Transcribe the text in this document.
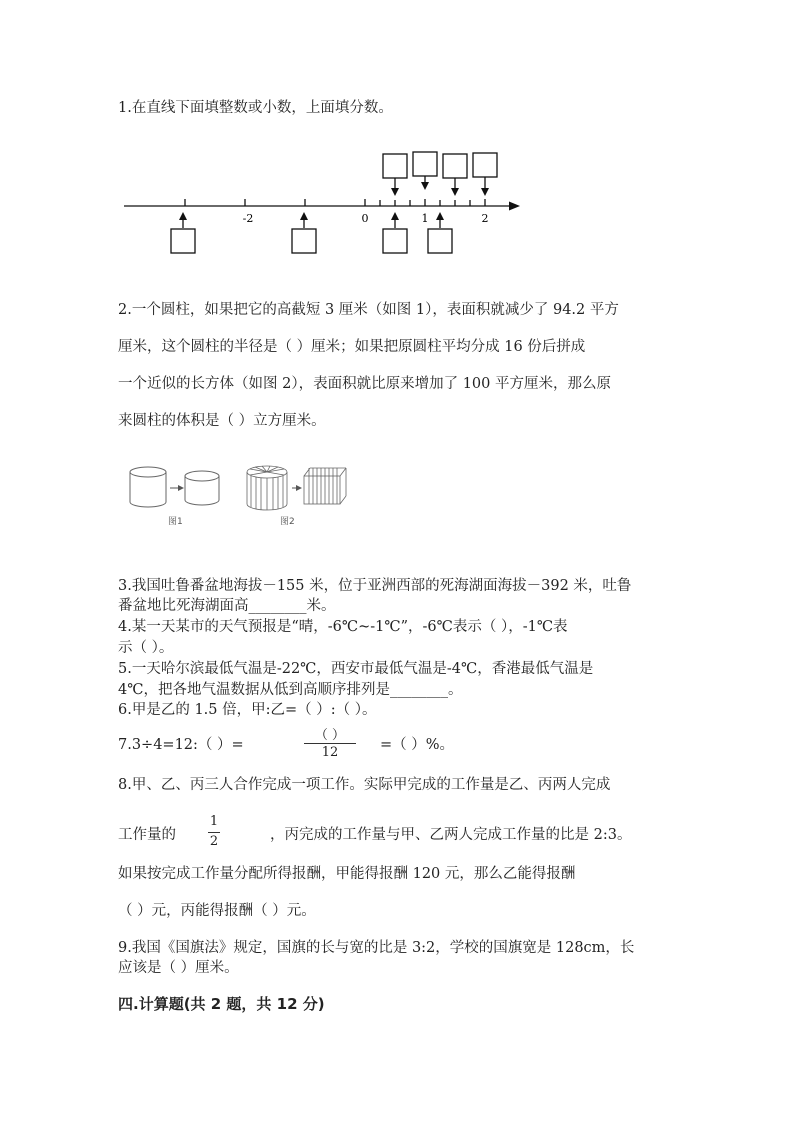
1.在直线下面填整数或小数，上面填分数。
-2	0	1	2
2.一个圆柱，如果把它的高截短 3 厘米（如图 1），表面积就减少了 94.2 平方
厘米，这个圆柱的半径是（ ）厘米；如果把原圆柱平均分成 16 份后拼成
一个近似的长方体（如图 2），表面积就比原来增加了 100 平方厘米，那么原
来圆柱的体积是（ ）立方厘米。
图1	图2
3.我国吐鲁番盆地海拔－155 米，位于亚洲西部的死海湖面海拔－392 米，吐鲁
番盆地比死海湖面高________米。
4.某一天某市的天气预报是“晴，-6℃~-1℃”，-6℃表示（ ），-1℃表
示（ ）。
5.一天哈尔滨最低气温是-22℃，西安市最低气温是-4℃，香港最低气温是
4℃，把各地气温数据从低到高顺序排列是________。
6.甲是乙的 1.5 倍，甲:乙=（ ）:（ ）。
7.3÷4=12:（ ）=
（ ）
12	=（ ）%。
8.甲、乙、丙三人合作完成一项工作。实际甲完成的工作量是乙、丙两人完成
工作量的
1
2	，丙完成的工作量与甲、乙两人完成工作量的比是 2:3。
如果按完成工作量分配所得报酬，甲能得报酬 120 元，那么乙能得报酬
（ ）元，丙能得报酬（ ）元。
9.我国《国旗法》规定，国旗的长与宽的比是 3:2，学校的国旗宽是 128cm，长
应该是（ ）厘米。
四.计算题(共 2 题，共 12 分)
